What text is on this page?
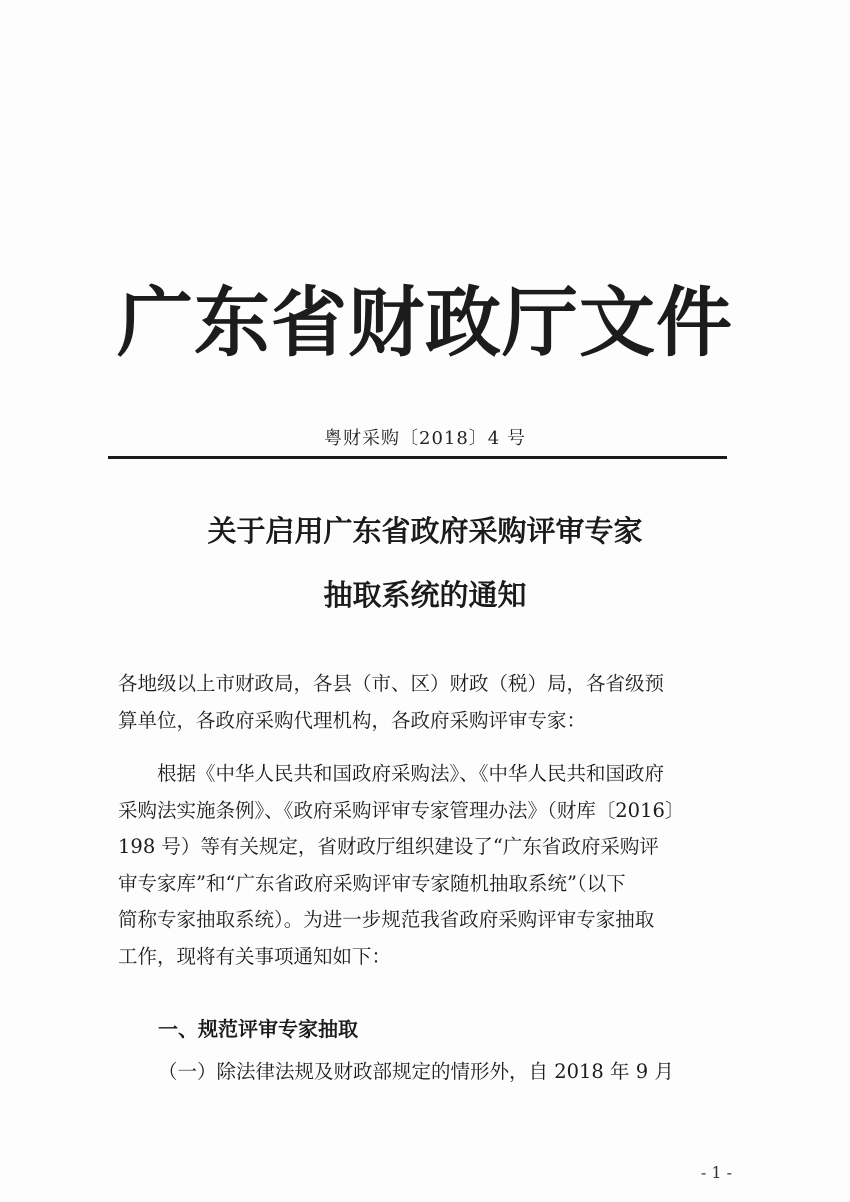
广东省财政厅文件
粤财采购〔2018〕4 号
关于启用广东省政府采购评审专家
抽取系统的通知
各地级以上市财政局，各县（市、区）财政（税）局，各省级预
算单位，各政府采购代理机构，各政府采购评审专家：
　　根据《中华人民共和国政府采购法》、《中华人民共和国政府
采购法实施条例》、《政府采购评审专家管理办法》（财库〔2016〕
198 号）等有关规定，省财政厅组织建设了“广东省政府采购评
审专家库”和“广东省政府采购评审专家随机抽取系统”（以下
简称专家抽取系统）。为进一步规范我省政府采购评审专家抽取
工作，现将有关事项通知如下：
一、规范评审专家抽取
（一）除法律法规及财政部规定的情形外，自 2018 年 9 月
- 1 -
